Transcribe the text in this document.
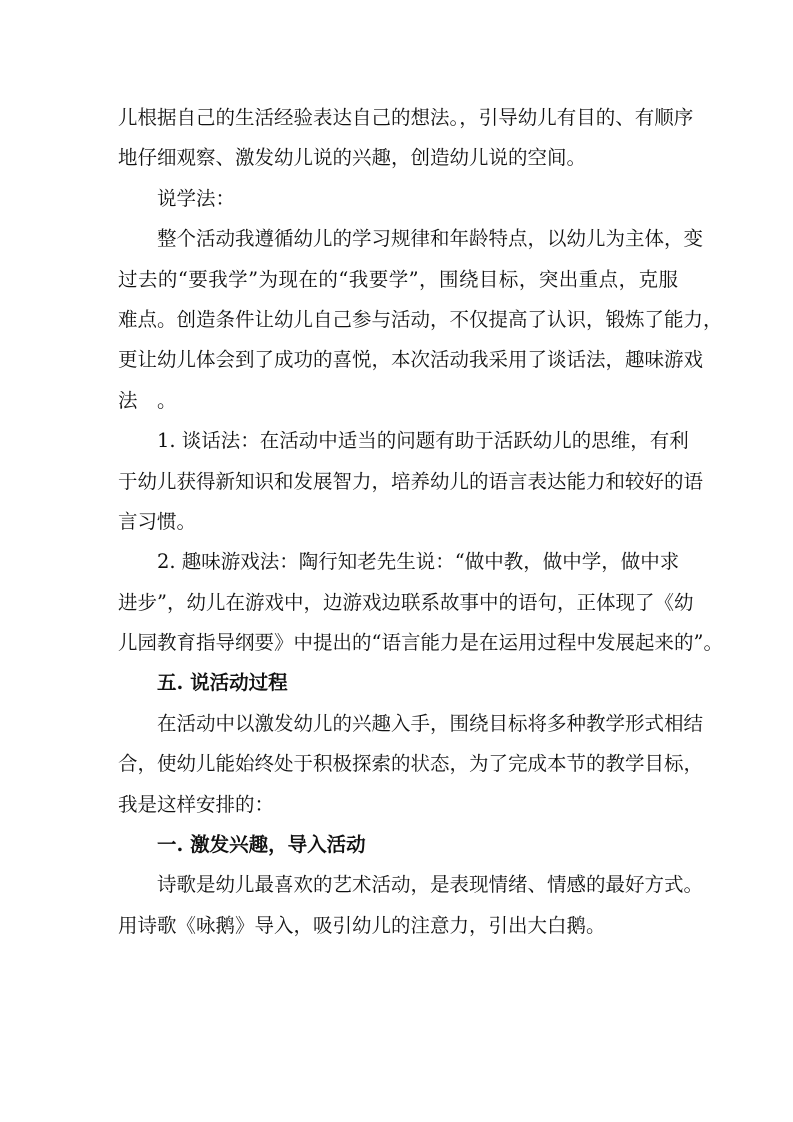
儿根据自己的生活经验表达自己的想法。，引导幼儿有目的、有顺序
地仔细观察、激发幼儿说的兴趣，创造幼儿说的空间。
说学法：
整个活动我遵循幼儿的学习规律和年龄特点，以幼儿为主体，变
过去的“要我学”为现在的“我要学”，围绕目标，突出重点，克服
难点。创造条件让幼儿自己参与活动，不仅提高了认识，锻炼了能力，
更让幼儿体会到了成功的喜悦，本次活动我采用了谈话法，趣味游戏
法　。
1. 谈话法：在活动中适当的问题有助于活跃幼儿的思维，有利
于幼儿获得新知识和发展智力，培养幼儿的语言表达能力和较好的语
言习惯。
2. 趣味游戏法：陶行知老先生说：“做中教，做中学，做中求
进步”，幼儿在游戏中，边游戏边联系故事中的语句，正体现了《幼
儿园教育指导纲要》中提出的“语言能力是在运用过程中发展起来的”。
五. 说活动过程
在活动中以激发幼儿的兴趣入手，围绕目标将多种教学形式相结
合，使幼儿能始终处于积极探索的状态，为了完成本节的教学目标，
我是这样安排的：
一. 激发兴趣，导入活动
诗歌是幼儿最喜欢的艺术活动，是表现情绪、情感的最好方式。
用诗歌《咏鹅》导入，吸引幼儿的注意力，引出大白鹅。
